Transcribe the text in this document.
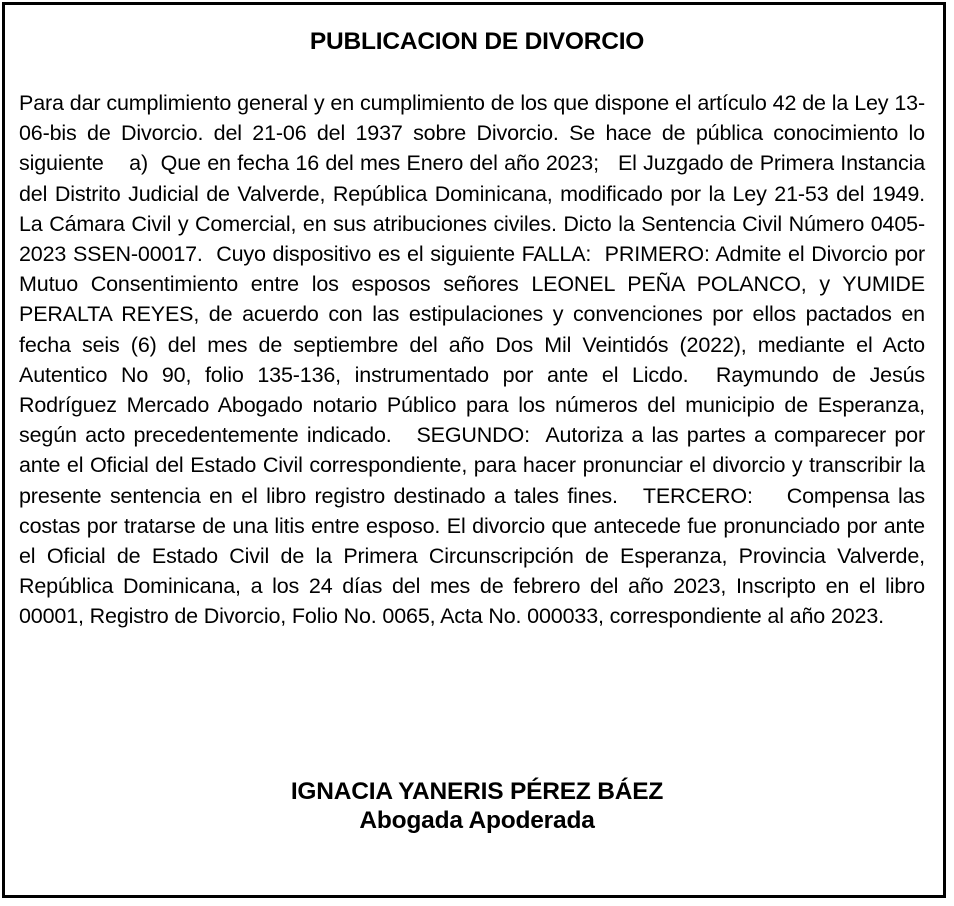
PUBLICACION DE DIVORCIO

Para dar cumplimiento general y en cumplimiento de los que dispone el artículo 42 de la Ley 13-06-bis de Divorcio. del 21-06 del 1937 sobre Divorcio. Se hace de pública conocimiento lo siguiente    a)  Que en fecha 16 del mes Enero del año 2023;   El Juzgado de Primera Instancia del Distrito Judicial de Valverde, República Dominicana, modificado por la Ley 21-53 del 1949.  La Cámara Civil y Comercial, en sus atribuciones civiles. Dicto la Sentencia Civil Número 0405-2023 SSEN-00017.  Cuyo dispositivo es el siguiente FALLA:  PRIMERO: Admite el Divorcio por Mutuo Consentimiento entre los esposos señores LEONEL PEÑA POLANCO, y YUMIDE PERALTA REYES, de acuerdo con las estipulaciones y convenciones por ellos pactados en fecha seis (6) del mes de septiembre del año Dos Mil Veintidós (2022), mediante el Acto Autentico No 90, folio 135-136, instrumentado por ante el Licdo.  Raymundo de Jesús Rodríguez Mercado Abogado notario Público para los números del municipio de Esperanza, según acto precedentemente indicado.   SEGUNDO:  Autoriza a las partes a comparecer por ante el Oficial del Estado Civil correspondiente, para hacer pronunciar el divorcio y transcribir la presente sentencia en el libro registro destinado a tales fines.   TERCERO:    Compensa las costas por tratarse de una litis entre esposo. El divorcio que antecede fue pronunciado por ante el Oficial de Estado Civil de la Primera Circunscripción de Esperanza, Provincia Valverde, República Dominicana, a los 24 días del mes de febrero del año 2023, Inscripto en el libro 00001, Registro de Divorcio, Folio No. 0065, Acta No. 000033, correspondiente al año 2023.

IGNACIA YANERIS PÉREZ BÁEZ
Abogada Apoderada
